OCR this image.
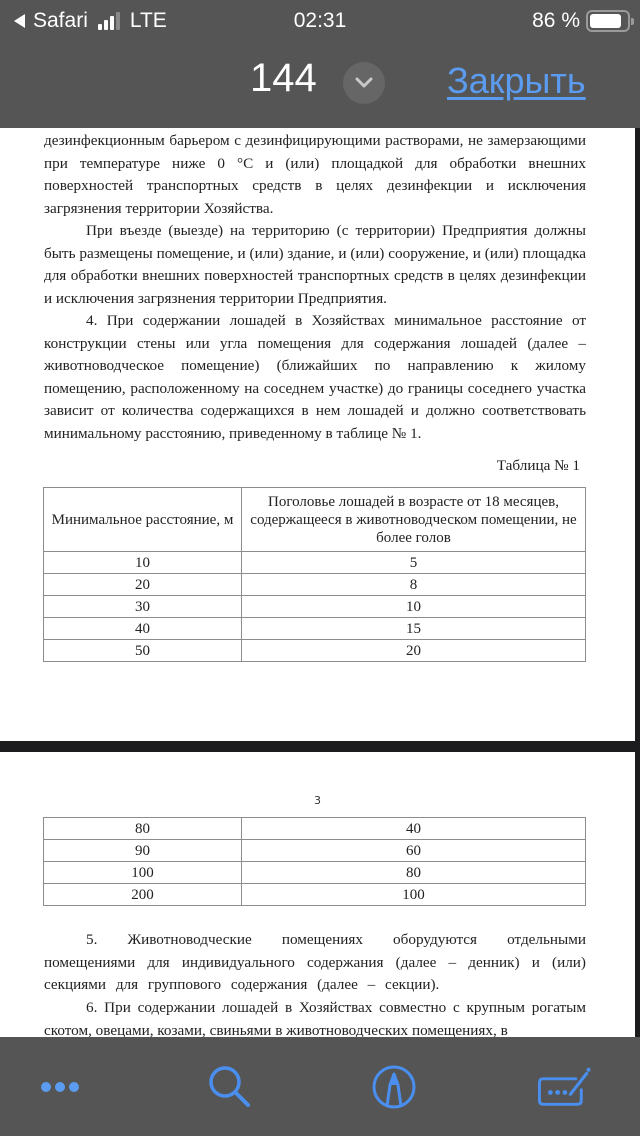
Safari LTE	02:31	86 %
144	Закрыть
дезинфекционным барьером с дезинфицирующими растворами, не замерзающими при температуре ниже 0 °С и (или) площадкой для обработки внешних поверхностей транспортных средств в целях дезинфекции и исключения загрязнения территории Хозяйства.
При въезде (выезде) на территорию (с территории) Предприятия должны быть размещены помещение, и (или) здание, и (или) сооружение, и (или) площадка для обработки внешних поверхностей транспортных средств в целях дезинфекции и исключения загрязнения территории Предприятия.
4. При содержании лошадей в Хозяйствах минимальное расстояние от конструкции стены или угла помещения для содержания лошадей (далее – животноводческое помещение) (ближайших по направлению к жилому помещению, расположенному на соседнем участке) до границы соседнего участка зависит от количества содержащихся в нем лошадей и должно соответствовать минимальному расстоянию, приведенному в таблице № 1.
Таблица № 1
Минимальное расстояние, м	Поголовье лошадей в возрасте от 18 месяцев, содержащееся в животноводческом помещении, не более голов
10	5
20	8
30	10
40	15
50	20
3
80	40
90	60
100	80
200	100
5. Животноводческие помещениях оборудуются отдельными помещениями для индивидуального содержания (далее – денник) и (или) секциями для группового содержания (далее – секции).
6. При содержании лошадей в Хозяйствах совместно с крупным рогатым скотом, овецами, козами, свиньями в животноводческих помещениях, в
